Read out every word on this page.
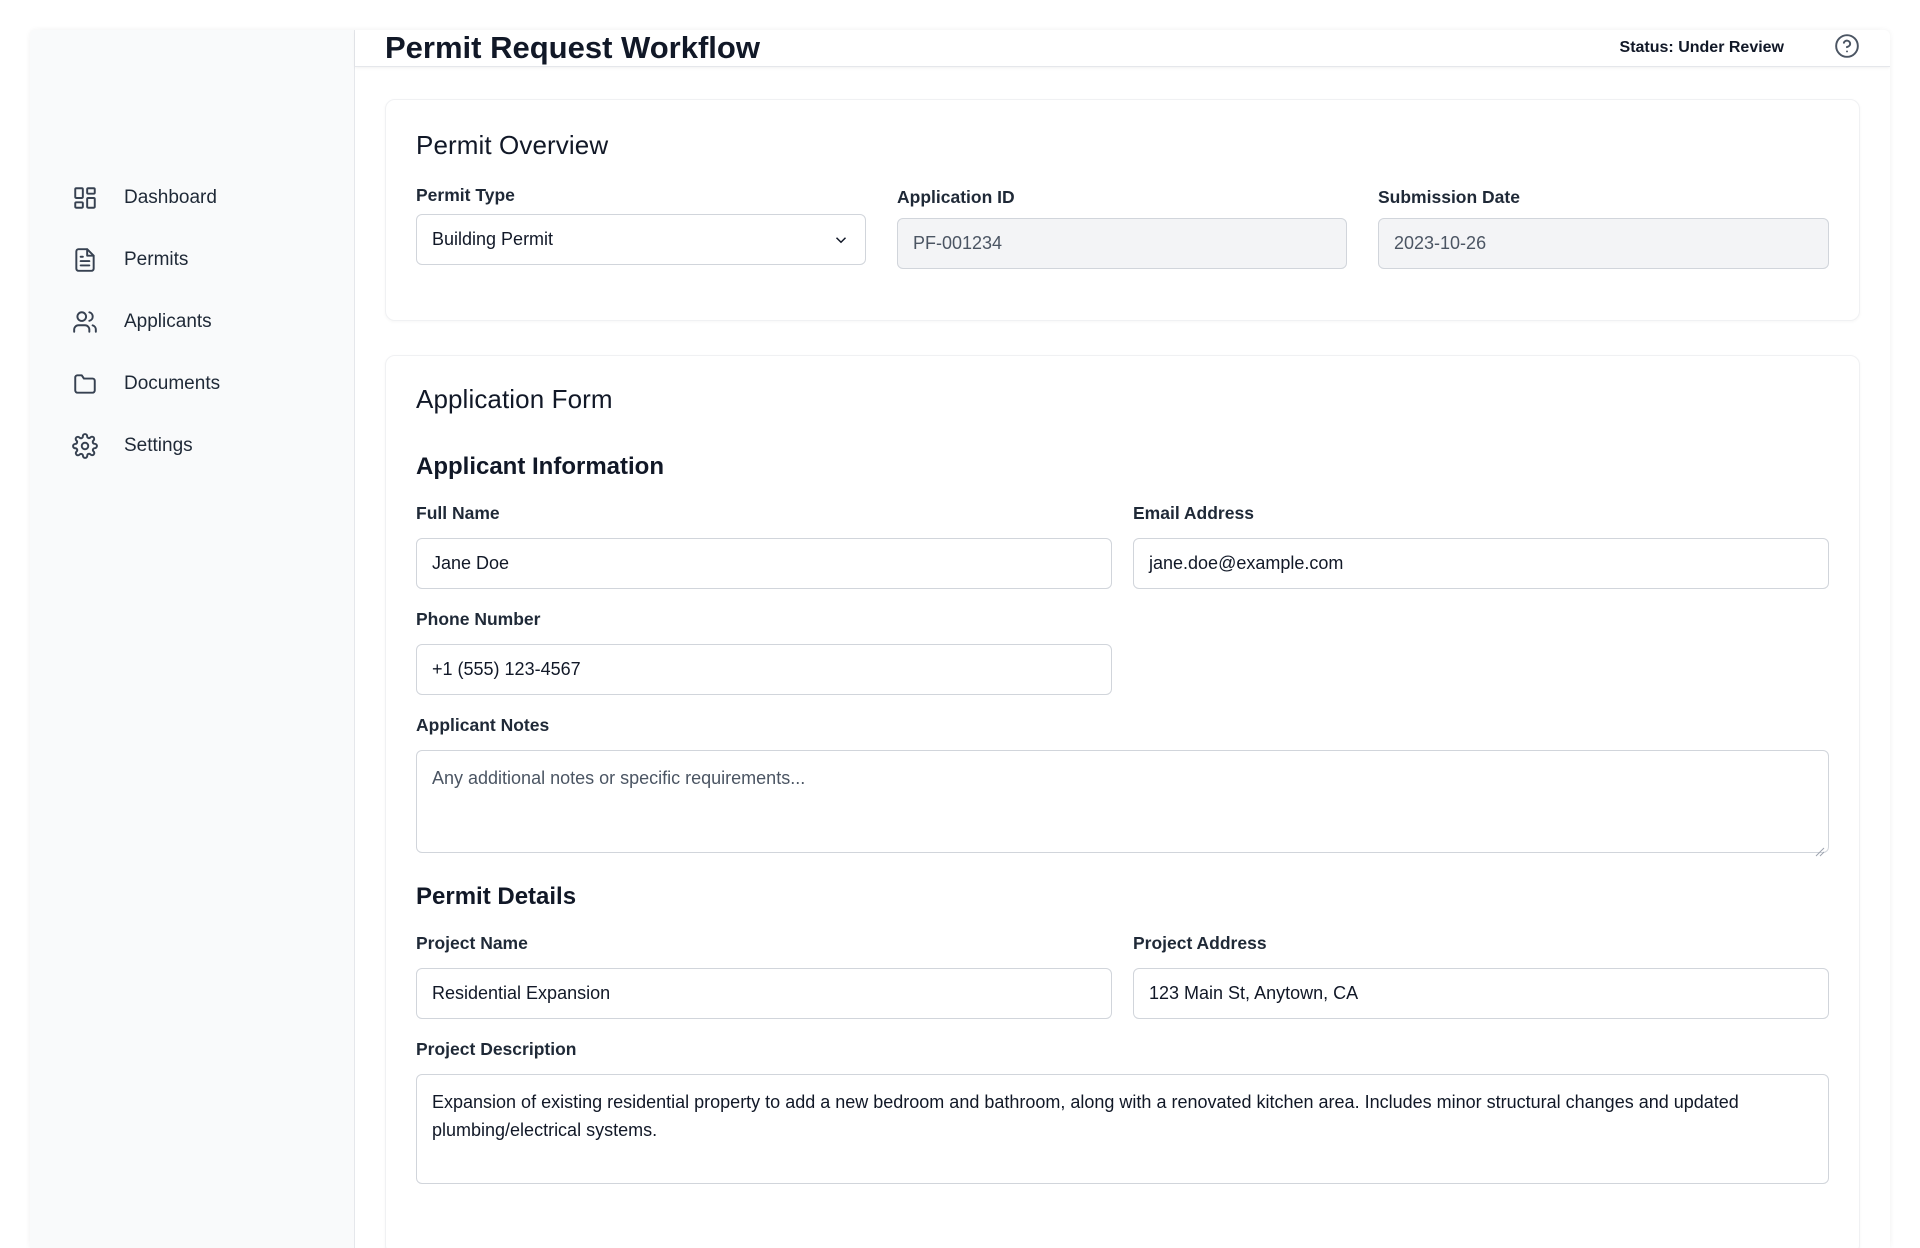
Dashboard
Permits
Applicants
Documents
Settings
Permit Request Workflow	Status: Under Review
Permit Overview
Permit Type
Building Permit
Application ID
PF-001234
Submission Date
2023-10-26
Application Form
Applicant Information
Full Name
Jane Doe
Email Address
jane.doe@example.com
Phone Number
+1 (555) 123-4567
Applicant Notes
Any additional notes or specific requirements...
Permit Details
Project Name
Residential Expansion
Project Address
123 Main St, Anytown, CA
Project Description
Expansion of existing residential property to add a new bedroom and bathroom, along with a renovated kitchen area. Includes minor structural changes and updated plumbing/electrical systems.
